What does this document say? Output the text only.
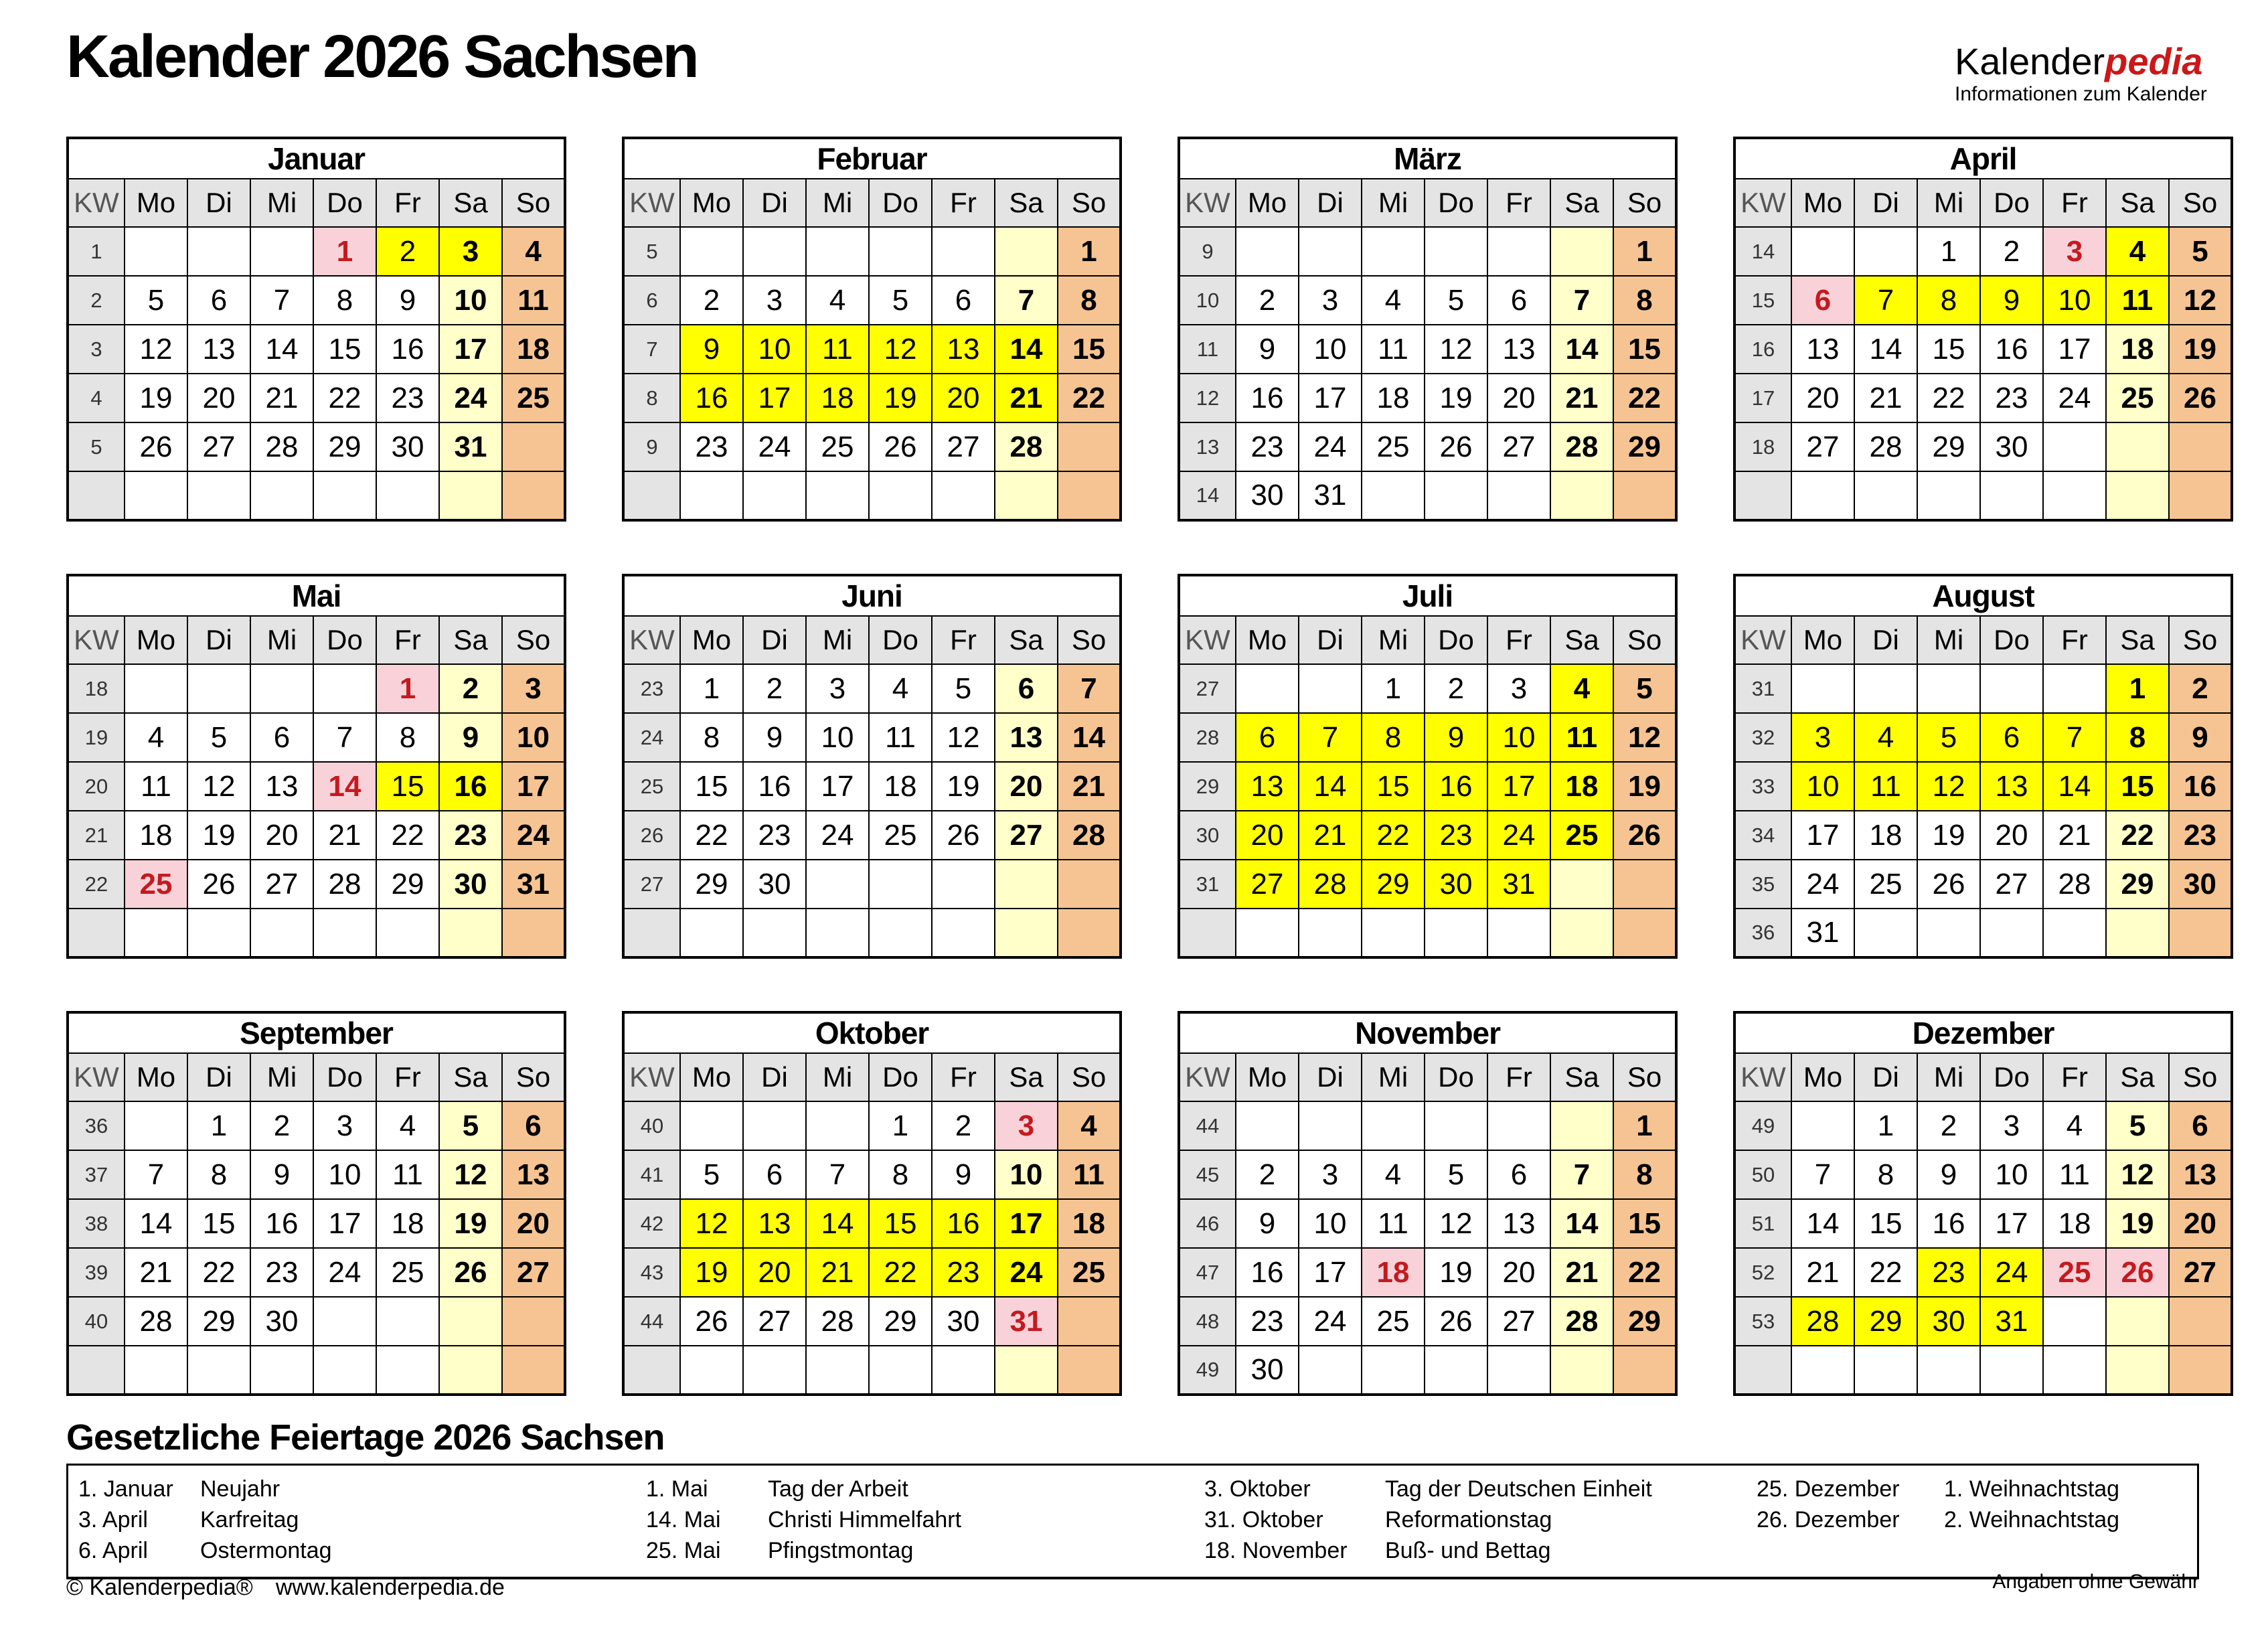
Kalender 2026 Sachsen	Kalenderpedia
Informationen zum Kalender
Januar							
KW	Mo	Di	Mi	Do	Fr	Sa	So
1				1	2	3	4
2	5	6	7	8	9	10	11
3	12	13	14	15	16	17	18
4	19	20	21	22	23	24	25
5	26	27	28	29	30	31	

Februar							
KW	Mo	Di	Mi	Do	Fr	Sa	So
5							1
6	2	3	4	5	6	7	8
7	9	10	11	12	13	14	15
8	16	17	18	19	20	21	22
9	23	24	25	26	27	28	

März							
KW	Mo	Di	Mi	Do	Fr	Sa	So
9							1
10	2	3	4	5	6	7	8
11	9	10	11	12	13	14	15
12	16	17	18	19	20	21	22
13	23	24	25	26	27	28	29
14	30	31					
April							
KW	Mo	Di	Mi	Do	Fr	Sa	So
14			1	2	3	4	5
15	6	7	8	9	10	11	12
16	13	14	15	16	17	18	19
17	20	21	22	23	24	25	26
18	27	28	29	30			

Mai							
KW	Mo	Di	Mi	Do	Fr	Sa	So
18					1	2	3
19	4	5	6	7	8	9	10
20	11	12	13	14	15	16	17
21	18	19	20	21	22	23	24
22	25	26	27	28	29	30	31

Juni							
KW	Mo	Di	Mi	Do	Fr	Sa	So
23	1	2	3	4	5	6	7
24	8	9	10	11	12	13	14
25	15	16	17	18	19	20	21
26	22	23	24	25	26	27	28
27	29	30					

Juli							
KW	Mo	Di	Mi	Do	Fr	Sa	So
27			1	2	3	4	5
28	6	7	8	9	10	11	12
29	13	14	15	16	17	18	19
30	20	21	22	23	24	25	26
31	27	28	29	30	31		

August							
KW	Mo	Di	Mi	Do	Fr	Sa	So
31						1	2
32	3	4	5	6	7	8	9
33	10	11	12	13	14	15	16
34	17	18	19	20	21	22	23
35	24	25	26	27	28	29	30
36	31						
September							
KW	Mo	Di	Mi	Do	Fr	Sa	So
36		1	2	3	4	5	6
37	7	8	9	10	11	12	13
38	14	15	16	17	18	19	20
39	21	22	23	24	25	26	27
40	28	29	30				

Oktober							
KW	Mo	Di	Mi	Do	Fr	Sa	So
40				1	2	3	4
41	5	6	7	8	9	10	11
42	12	13	14	15	16	17	18
43	19	20	21	22	23	24	25
44	26	27	28	29	30	31	

November							
KW	Mo	Di	Mi	Do	Fr	Sa	So
44							1
45	2	3	4	5	6	7	8
46	9	10	11	12	13	14	15
47	16	17	18	19	20	21	22
48	23	24	25	26	27	28	29
49	30						
Dezember							
KW	Mo	Di	Mi	Do	Fr	Sa	So
49		1	2	3	4	5	6
50	7	8	9	10	11	12	13
51	14	15	16	17	18	19	20
52	21	22	23	24	25	26	27
53	28	29	30	31			

Gesetzliche Feiertage 2026 Sachsen
1. Januar	Neujahr	1. Mai	Tag der Arbeit	3. Oktober	Tag der Deutschen Einheit	25. Dezember	1. Weihnachtstag
3. April	Karfreitag	14. Mai	Christi Himmelfahrt	31. Oktober	Reformationstag	26. Dezember	2. Weihnachtstag
6. April	Ostermontag	25. Mai	Pfingstmontag	18. November	Buß- und Bettag
© Kalenderpedia® www.kalenderpedia.de	Angaben ohne Gewähr
